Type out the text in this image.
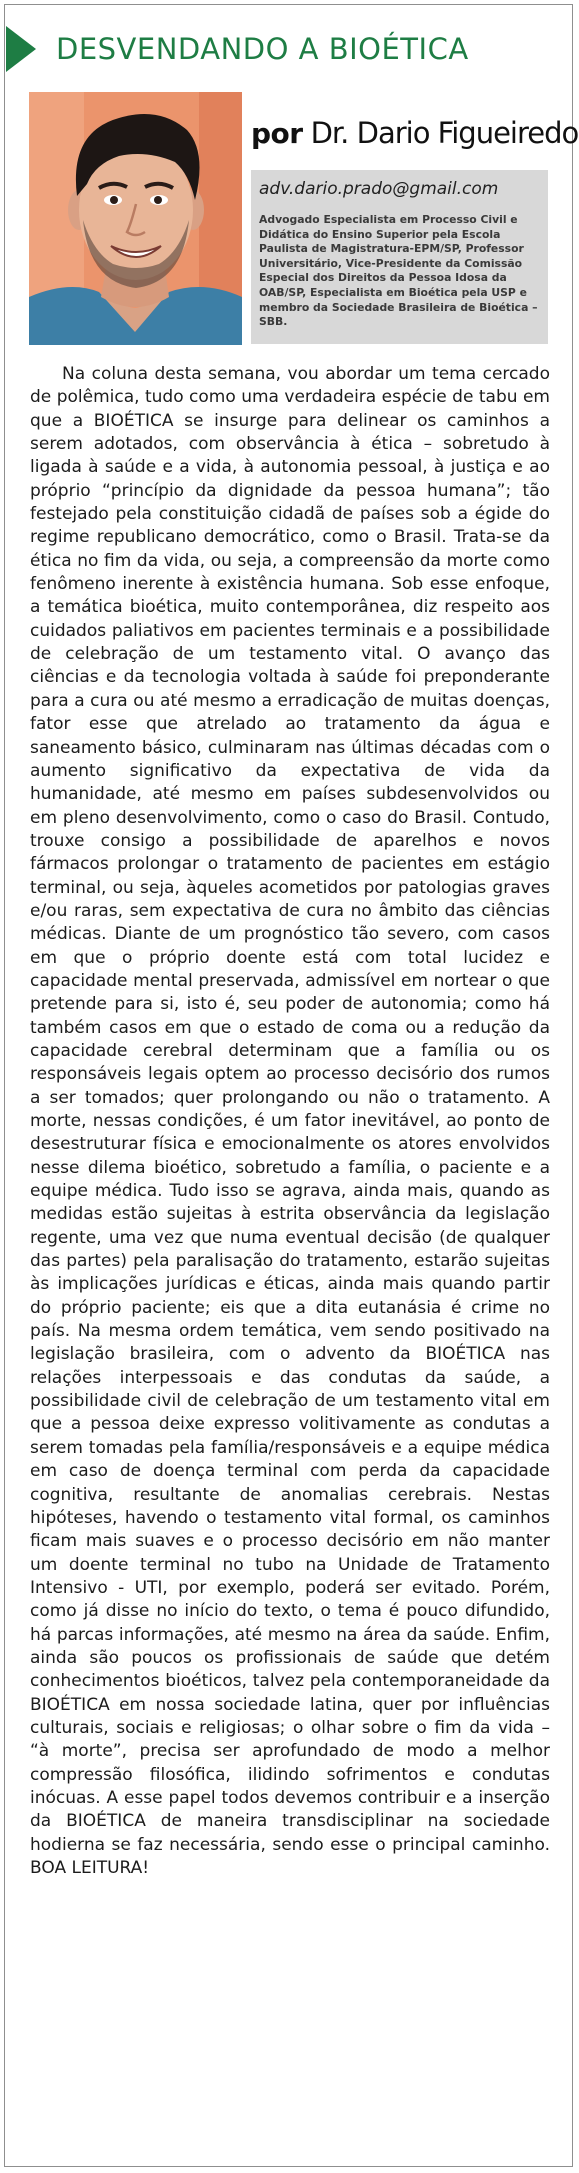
DESVENDANDO A BIOÉTICA
por Dr. Dario Figueiredo
adv.dario.prado@gmail.com
Advogado Especialista em Processo Civil e Didática do Ensino Superior pela Escola Paulista de Magistratura-EPM/SP, Professor Universitário, Vice-Presidente da Comissão Especial dos Direitos da Pessoa Idosa da OAB/SP, Especialista em Bioética pela USP e membro da Sociedade Brasileira de Bioética – SBB.

Na coluna desta semana, vou abordar um tema cercado de polêmica, tudo como uma verdadeira espécie de tabu em que a BIOÉTICA se insurge para delinear os caminhos a serem adotados, com observância à ética – sobretudo à ligada à saúde e a vida, à autonomia pessoal, à justiça e ao próprio “princípio da dignidade da pessoa humana”; tão festejado pela constituição cidadã de países sob a égide do regime republicano democrático, como o Brasil. Trata-se da ética no fim da vida, ou seja, a compreensão da morte como fenômeno inerente à existência humana. Sob esse enfoque, a temática bioética, muito contemporânea, diz respeito aos cuidados paliativos em pacientes terminais e a possibilidade de celebração de um testamento vital. O avanço das ciências e da tecnologia voltada à saúde foi preponderante para a cura ou até mesmo a erradicação de muitas doenças, fator esse que atrelado ao tratamento da água e saneamento básico, culminaram nas últimas décadas com o aumento significativo da expectativa de vida da humanidade, até mesmo em países subdesenvolvidos ou em pleno desenvolvimento, como o caso do Brasil. Contudo, trouxe consigo a possibilidade de aparelhos e novos fármacos prolongar o tratamento de pacientes em estágio terminal, ou seja, àqueles acometidos por patologias graves e/ou raras, sem expectativa de cura no âmbito das ciências médicas. Diante de um prognóstico tão severo, com casos em que o próprio doente está com total lucidez e capacidade mental preservada, admissível em nortear o que pretende para si, isto é, seu poder de autonomia; como há também casos em que o estado de coma ou a redução da capacidade cerebral determinam que a família ou os responsáveis legais optem ao processo decisório dos rumos a ser tomados; quer prolongando ou não o tratamento. A morte, nessas condições, é um fator inevitável, ao ponto de desestruturar física e emocionalmente os atores envolvidos nesse dilema bioético, sobretudo a família, o paciente e a equipe médica. Tudo isso se agrava, ainda mais, quando as medidas estão sujeitas à estrita observância da legislação regente, uma vez que numa eventual decisão (de qualquer das partes) pela paralisação do tratamento, estarão sujeitas às implicações jurídicas e éticas, ainda mais quando partir do próprio paciente; eis que a dita eutanásia é crime no país. Na mesma ordem temática, vem sendo positivado na legislação brasileira, com o advento da BIOÉTICA nas relações interpessoais e das condutas da saúde, a possibilidade civil de celebração de um testamento vital em que a pessoa deixe expresso volitivamente as condutas a serem tomadas pela família/responsáveis e a equipe médica em caso de doença terminal com perda da capacidade cognitiva, resultante de anomalias cerebrais. Nestas hipóteses, havendo o testamento vital formal, os caminhos ficam mais suaves e o processo decisório em não manter um doente terminal no tubo na Unidade de Tratamento Intensivo - UTI, por exemplo, poderá ser evitado. Porém, como já disse no início do texto, o tema é pouco difundido, há parcas informações, até mesmo na área da saúde. Enfim, ainda são poucos os profissionais de saúde que detém conhecimentos bioéticos, talvez pela contemporaneidade da BIOÉTICA em nossa sociedade latina, quer por influências culturais, sociais e religiosas; o olhar sobre o fim da vida – “à morte”, precisa ser aprofundado de modo a melhor compressão filosófica, ilidindo sofrimentos e condutas inócuas. A esse papel todos devemos contribuir e a inserção da BIOÉTICA de maneira transdisciplinar na sociedade hodierna se faz necessária, sendo esse o principal caminho. BOA LEITURA!
